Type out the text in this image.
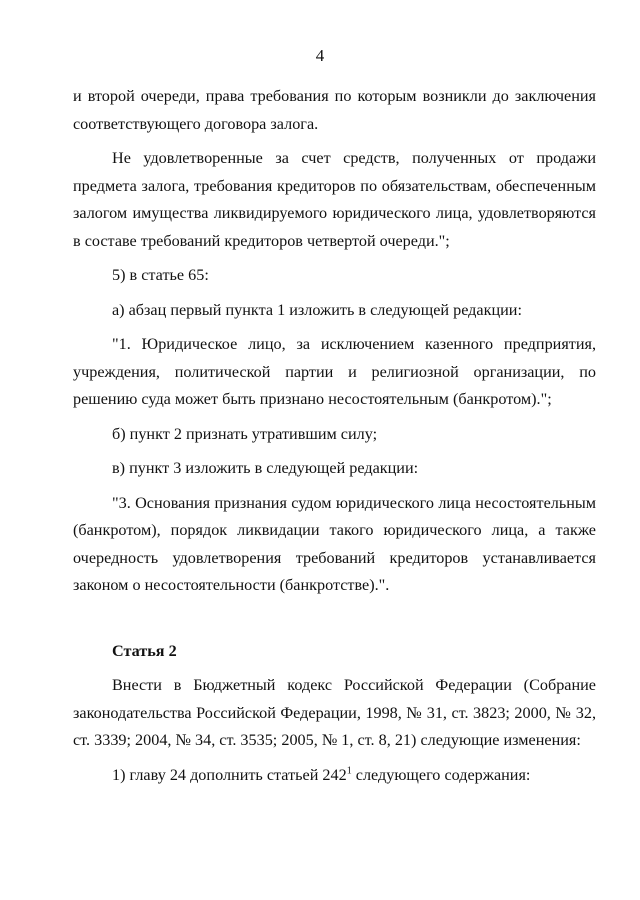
4

и второй очереди, права требования по которым возникли до заключения соответствующего договора залога.

Не удовлетворенные за счет средств, полученных от продажи предмета залога, требования кредиторов по обязательствам, обеспеченным залогом имущества ликвидируемого юридического лица, удовлетворяются в составе требований кредиторов четвертой очереди.";

5) в статье 65:

а) абзац первый пункта 1 изложить в следующей редакции:

"1. Юридическое лицо, за исключением казенного предприятия, учреждения, политической партии и религиозной организации, по решению суда может быть признано несостоятельным (банкротом).";

б) пункт 2 признать утратившим силу;

в) пункт 3 изложить в следующей редакции:

"3. Основания признания судом юридического лица несостоятельным (банкротом), порядок ликвидации такого юридического лица, а также очередность удовлетворения требований кредиторов устанавливается законом о несостоятельности (банкротстве).".

Статья 2

Внести в Бюджетный кодекс Российской Федерации (Собрание законодательства Российской Федерации, 1998, № 31, ст. 3823; 2000, № 32, ст. 3339; 2004, № 34, ст. 3535; 2005, № 1, ст. 8, 21) следующие изменения:

1) главу 24 дополнить статьей $242^1$ следующего содержания:
